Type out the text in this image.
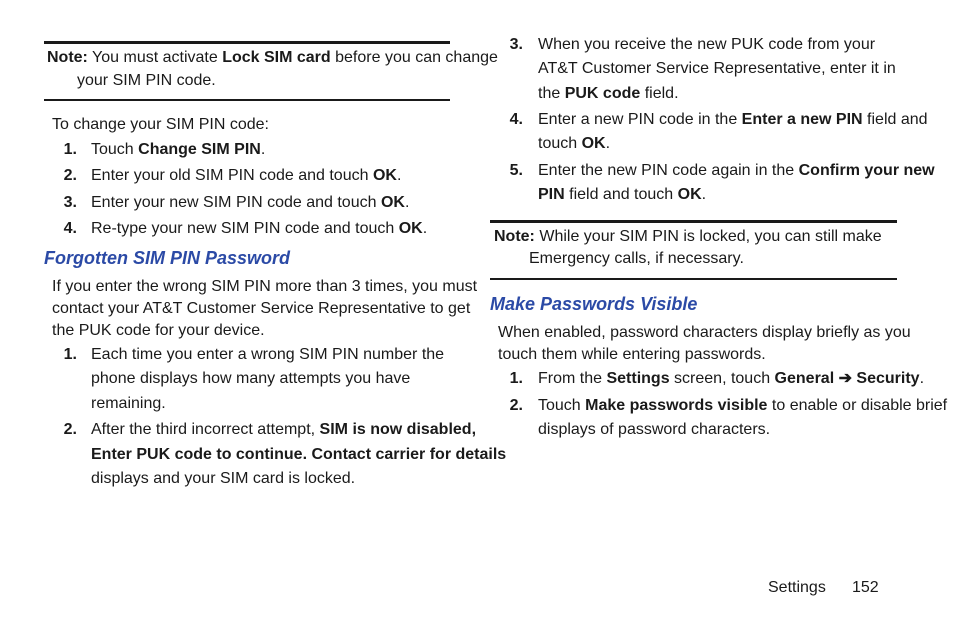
Note: You must activate Lock SIM card before you can change
your SIM PIN code.
To change your SIM PIN code:
1. Touch Change SIM PIN.
2. Enter your old SIM PIN code and touch OK.
3. Enter your new SIM PIN code and touch OK.
4. Re-type your new SIM PIN code and touch OK.
Forgotten SIM PIN Password
If you enter the wrong SIM PIN more than 3 times, you must
contact your AT&T Customer Service Representative to get
the PUK code for your device.
1. Each time you enter a wrong SIM PIN number the
phone displays how many attempts you have
remaining.
2. After the third incorrect attempt, SIM is now disabled,
Enter PUK code to continue. Contact carrier for details
displays and your SIM card is locked.
3. When you receive the new PUK code from your
AT&T Customer Service Representative, enter it in
the PUK code field.
4. Enter a new PIN code in the Enter a new PIN field and
touch OK.
5. Enter the new PIN code again in the Confirm your new
PIN field and touch OK.
Note: While your SIM PIN is locked, you can still make
Emergency calls, if necessary.
Make Passwords Visible
When enabled, password characters display briefly as you
touch them while entering passwords.
1. From the Settings screen, touch General ➔ Security.
2. Touch Make passwords visible to enable or disable brief
displays of password characters.
Settings 152
